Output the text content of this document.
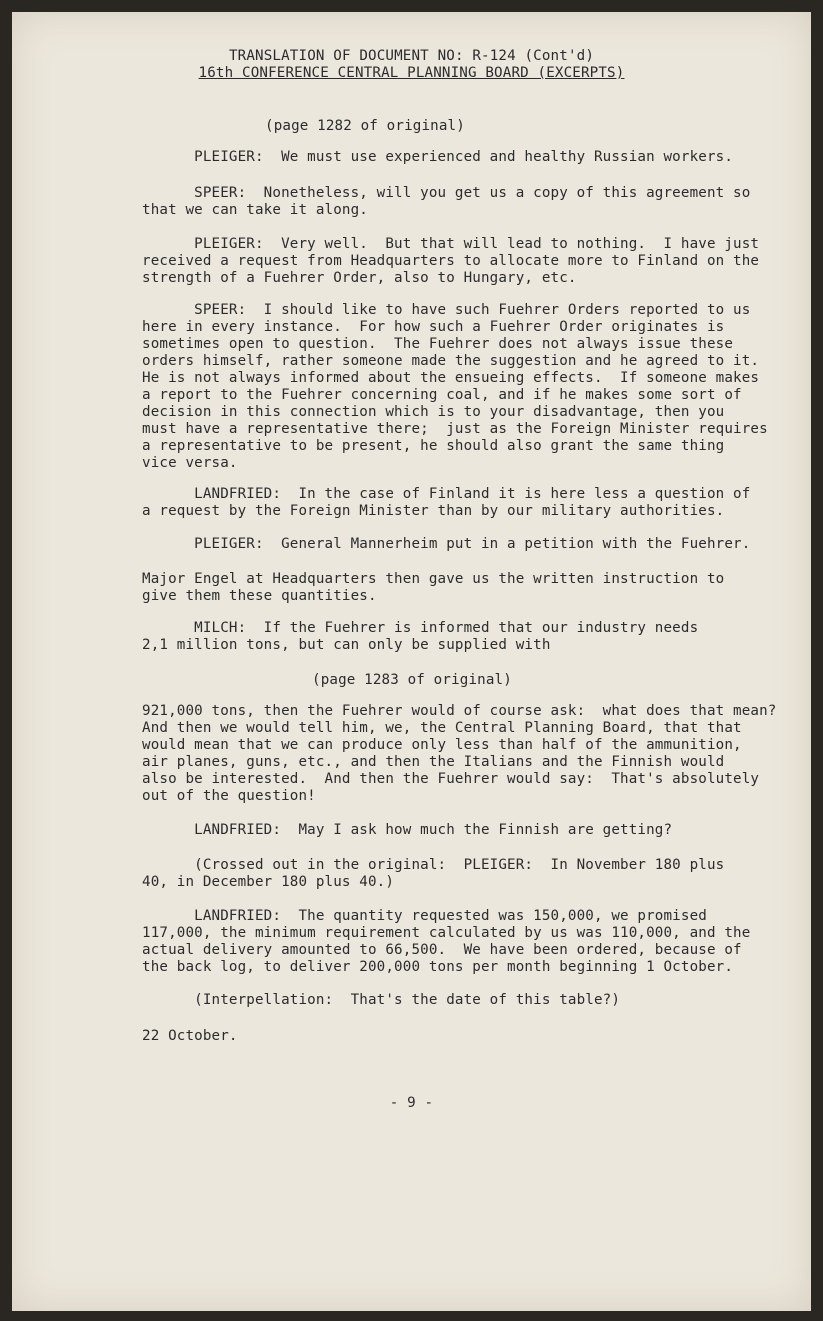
TRANSLATION OF DOCUMENT NO: R-124 (Cont'd)
16th CONFERENCE CENTRAL PLANNING BOARD (EXCERPTS)
(page 1282 of original)
PLEIGER:  We must use experienced and healthy Russian workers.
SPEER:  Nonetheless, will you get us a copy of this agreement so
that we can take it along.
PLEIGER:  Very well.  But that will lead to nothing.  I have just
received a request from Headquarters to allocate more to Finland on the
strength of a Fuehrer Order, also to Hungary, etc.
SPEER:  I should like to have such Fuehrer Orders reported to us
here in every instance.  For how such a Fuehrer Order originates is
sometimes open to question.  The Fuehrer does not always issue these
orders himself, rather someone made the suggestion and he agreed to it.
He is not always informed about the ensueing effects.  If someone makes
a report to the Fuehrer concerning coal, and if he makes some sort of
decision in this connection which is to your disadvantage, then you
must have a representative there;  just as the Foreign Minister requires
a representative to be present, he should also grant the same thing
vice versa.
LANDFRIED:  In the case of Finland it is here less a question of
a request by the Foreign Minister than by our military authorities.
PLEIGER:  General Mannerheim put in a petition with the Fuehrer.
Major Engel at Headquarters then gave us the written instruction to
give them these quantities.
MILCH:  If the Fuehrer is informed that our industry needs
2,1 million tons, but can only be supplied with
(page 1283 of original)
921,000 tons, then the Fuehrer would of course ask:  what does that mean?
And then we would tell him, we, the Central Planning Board, that that
would mean that we can produce only less than half of the ammunition,
air planes, guns, etc., and then the Italians and the Finnish would
also be interested.  And then the Fuehrer would say:  That's absolutely
out of the question!
LANDFRIED:  May I ask how much the Finnish are getting?
(Crossed out in the original:  PLEIGER:  In November 180 plus
40, in December 180 plus 40.)
LANDFRIED:  The quantity requested was 150,000, we promised
117,000, the minimum requirement calculated by us was 110,000, and the
actual delivery amounted to 66,500.  We have been ordered, because of
the back log, to deliver 200,000 tons per month beginning 1 October.
(Interpellation:  That's the date of this table?)
22 October.
- 9 -
